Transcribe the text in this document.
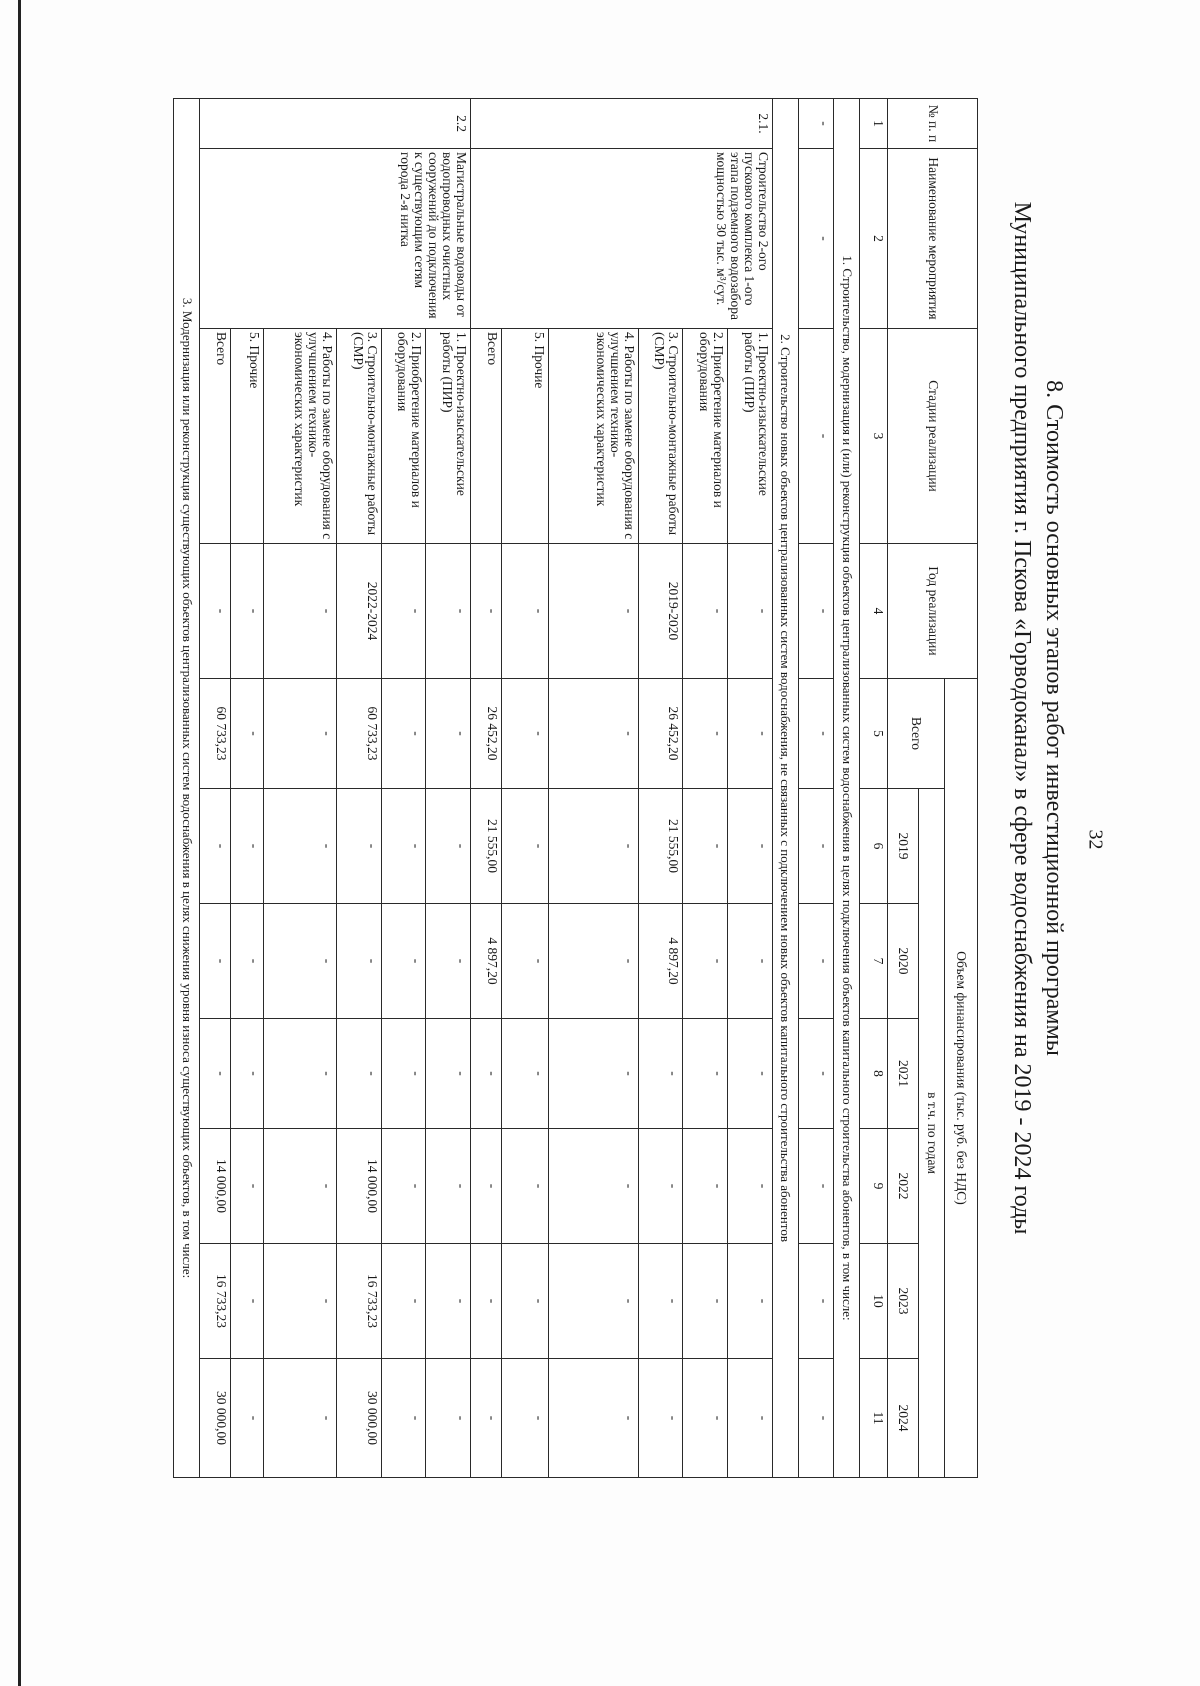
32
8. Стоимость основных этапов работ инвестиционной программы
Муниципального предприятия г. Пскова «Горводоканал» в сфере водоснабжения на 2019 - 2024 годы
№ п. п	Наименование мероприятия	Стадии реализации	Год реализации	Объем финансирования (тыс. руб. без НДС)						
				Всего	в т.ч. по годам					
					2019	2020	2021	2022	2023	2024
1	2	3	4	5	6	7	8	9	10	11
1. Строительство, модернизация и (или) реконструкция объектов централизованных систем водоснабжения в целях подключения объектов капитального строительства абонентов, в том числе:										
-	-	-	-	-	-	-	-	-	-	-
2. Строительство новых объектов централизованных систем водоснабжения, не связанных с подключением новых объектов капитального строительства абонентов										
2.1.	Строительство 2-ого пускового комплекса 1-ого этапа подземного водозабора мощностью 30 тыс. м³/сут.	1. Проектно-изыскательские работы (ПИР)	-	-	-	-	-	-	-	-
		2. Приобретение материалов и оборудования	-	-	-	-	-	-	-	-
		3. Строительно-монтажные работы (СМР)	2019-2020	26 452,20	21 555,00	4 897,20	-	-	-	-
		4. Работы по замене оборудования с улучшением технико-экономических характеристик	-	-	-	-	-	-	-	-
		5. Прочие	-	-	-	-	-	-	-	-
		Всего	-	26 452,20	21 555,00	4 897,20	-	-	-	-
2.2	Магистральные водоводы от водопроводных очистных сооружений до подключения к существующим сетям города 2-я нитка	1. Проектно-изыскательские работы (ПИР)	-	-	-	-	-	-	-	-
		2. Приобретение материалов и оборудования	-	-	-	-	-	-	-	-
		3. Строительно-монтажные работы (СМР)	2022-2024	60 733,23	-	-	-	14 000,00	16 733,23	30 000,00
		4. Работы по замене оборудования с улучшением технико-экономических характеристик	-	-	-	-	-	-	-	-
		5. Прочие	-	-	-	-	-	-	-	-
		Всего	-	60 733,23	-	-	-	14 000,00	16 733,23	30 000,00
3. Модернизация или реконструкция существующих объектов централизованных систем водоснабжения в целях снижения уровня износа существующих объектов, в том числе:										
